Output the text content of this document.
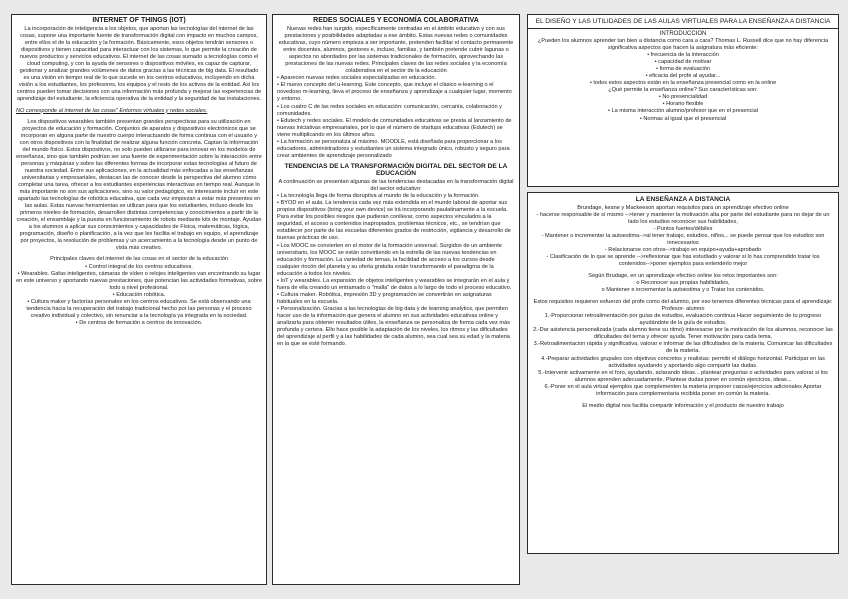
INTERNET OF THINGS (IOT)

La incorporación de inteligencia a los objetos, que aportan las tecnologías del internet de las cosas, supone una importante fuente de transformación digital con impacto en muchos campos, entre ellos el de la educación y la formación. Básicamente, esos objetos tendrán sensores o dispositivos y tienen capacidad para interactuar con los sistemas, lo que permite la creación de nuevos productos y servicios educativos. El internet de las cosas sumado a tecnologías como el cloud computing, y con la ayuda de sensores o dispositivos móviles, es capaz de capturar, gestionar y analizar grandes volúmenes de datos gracias a las técnicas de big data. El resultado es una visión en tiempo real de lo que sucede en los centros educativos, incluyendo en dicha visión a los estudiantes, los profesores, los equipos y el resto de los activos de la entidad. Así los centros pueden tomar decisiones con una información más profunda y mejorar las experiencias de aprendizaje del estudiante, la eficiencia operativa de la entidad y la seguridad de las instalaciones.

NO corresponde al internet de las cosas" Entornos virtuales y redes sociales.

Los dispositivos wearables también presentan grandes perspectivas para su utilización en proyectos de educación y formación. Conjuntos de aparatos y dispositivos electrónicos que se incorporan en alguna parte de nuestro cuerpo interactuando de forma continua con el usuario y con otros dispositivos con la finalidad de realizar alguna función concreta. Captan la información del mundo físico. Estos dispositivos, no solo pueden utilizarse para innovar en los modelos de enseñanza, sino que también podrían ser una fuente de experimentación sobre la interacción entre personas y máquinas y sobre las diferentes formas de incorporar estas tecnologías al futuro de nuestra sociedad. Entre sus aplicaciones, en la actualidad más enfocadas a las enseñanzas universitarias y empresariales, destacan las de conocer desde la perspectiva del alumno cómo completar una tarea, ofrecer a los estudiantes experiencias interactivas en tiempo real. Aunque lo más importante no son sus aplicaciones, sino su valor pedagógico, es interesante incluir en este apartado las tecnologías de robótica educativa, que cada vez empiezan a estar más presentes en las aulas. Estas nuevas herramientas se utilizan para que los estudiantes, incluso desde los primeros niveles de formación, desarrollen distintas competencias y conocimientos a partir de la creación, el ensamblaje y la puesta en funcionamiento de robots mediante kits de montaje. Ayudan a los alumnos a aplicar sus conocimientos y capacidades de Física, matemáticas, lógica, programación, diseño o planificación, a la vez que les facilita el trabajo en equipo, el aprendizaje por proyectos, la resolución de problemas y un acercamiento a la tecnología desde un punto de vista más creativo.

Principales claves del internet de las cosas en el sector de la educación

• Control integral de los centros educativos.
• Wearables. Gafas inteligentes, cámaras de vídeo o relojes inteligentes van encontrando su lugar en este universo y aportando nuevas prestaciones, que potencian las actividades formativas, sobre todo a nivel profesional.
• Educación robótica.
• Cultura maker y factorías personales en los centros educativos. Se está observando una tendencia hacia la recuperación del trabajo tradicional hecho por las personas y el proceso creativo individual y colectivo, sin renunciar a la tecnología ya integrada en la sociedad.
• De centros de formación a centros de innovación.
REDES SOCIALES Y ECONOMÍA COLABORATIVA

Nuevas redes han surgido, específicamente centradas en el ámbito educativo y con sus prestaciones y posibilidades adaptadas a ese ámbito. Estas nuevas redes o comunidades educativas, cuyo número empieza a ser importante, pretenden facilitar el contacto permanente entre docentes, alumnos, gestores e, incluso, familias, y también pretende cubrir lagunas o aspectos no abordados por las sistemas tradicionales de formación, aprovechando las prestaciones de las nuevas redes. Principales claves de las redes sociales y la economía colaborativa en el sector de la educación

• Aparecen nuevas redes sociales especializadas en educación.
• El nuevo concepto del u-learning. Este concepto, que incluye el clásico e-learning o el novedoso m-learning, lleva el proceso de enseñanza y aprendizaje a cualquier lugar, momento y entorno.
• Los cuatro C de las redes sociales en educación: comunicación, cercanía, colaboración y comunidades.
• Edutech y redes sociales. El modelo de comunidades educativas se presta al lanzamiento de nuevas iniciativas empresariales, por lo que el número de startups educativas (Edutech) se viene multiplicando en los últimos años.
• La formación se personaliza al máximo. MOODLE, está diseñada para proporcionar a los educadores, administradores y estudiantes un sistema integrado único, robusto y seguro para crear ambientes de aprendizaje personalizado
TENDENCIAS DE LA TRANSFORMACIÓN DIGITAL DEL SECTOR DE LA EDUCACIÓN

A continuación se presentan algunas de las tendencias destacadas en la transformación digital del sector educativo:

• La tecnología llega de forma disruptiva al mundo de la educación y la formación.
• BYOD en el aula. La tendencia cada vez más extendida en el mundo laboral de aportar sus propios dispositivos (bring your own device) se irá incorporando paulatinamente a la escuela. Para evitar los posibles riesgos que pudieran conllevar, como aspectos vinculados a la seguridad, el acceso a contenidos inapropiados, problemas técnicos, etc., se tendrían que establecer por parte de las escuelas diferentes grados de restricción, vigilancia y desarrollo de buenas prácticas de uso.
• Los MOOC se convierten en el motor de la formación universal. Surgidos de un ambiente universitario, los MOOC se están convirtiendo en la estrella de las nuevas tendencias en educación y formación. La variedad de temas, la facilidad de acceso a los cursos desde cualquier rincón del planeta y su oferta gratuita están transformando el paradigma de la educación a todos los niveles.
• IoT y wearables. La expansión de objetos inteligentes y wearables se integrarán en el aula y fuera de ella creando un entramado o "malla" de datos a lo largo de todo el proceso educativo.
• Cultura maker. Robótica, impresión 3D y programación se convertirán en asignaturas habituales en la escuela.
• Personalización. Gracias a las tecnologías de big data y de learning analytics, que permiten hacer uso de la información que genera el alumno en sus actividades educativas online y analizarla para obtener resultados útiles, la enseñanza se personaliza de forma cada vez más profunda y certera. Ello hace posible la adaptación de los niveles, los ritmos y las dificultades del aprendizaje al perfil y a las habilidades de cada alumno, sea cual sea su edad y la materia en la que se esté formando.
EL DISEÑO Y LAS UTILIDADES DE LAS AULAS VIRTUALES PARA LA ENSEÑANZA A DISTANCIA
INTRODUCCION

¿Pueden los alumnos aprender tan bien a distancia como cara a cara? Thomas L. Russell dice que no hay diferencia significativa aspectos que hacen la asignatura más eficiente:

• frecuencia de la interacción
• capacidad de motivar
• forma de evaluación
• eficacia del profe al ayudar...
• todos estos aspectos están en la enseñanza presencial como en la online

¿Qué permite la enseñanza online? Sus características son:

• No presencialidad
• Horario flexible
• La misma interacción alumno/profesor que en el presencial
• Normas al igual que el presencial
LA ENSEÑANZA A DISTANCIA
Brundage, keane y Mackeeson aportan requisitos para un aprendizaje efectivo online
- hacerse responsable de sí mismo -->tener y mantener la motivación alta por parte del estudiante para no dejar de un lado los estudios reconocer sus habilidades,
- Puntos fuertes/débiles
- Mantener o incrementar la autoestima-->al tener trabajo, estudios, niños,.. se puede pensar que los estudios son innecesarios
- Relacionarse con otros-->trabajo en equipo+ayuda+aprobado
- Clasificación de lo que se aprende -->reflexionar que has estudiado y valorar si lo has comprendido tratar los contenidos-->poner ejemplos para entenderlo mejor
Según Brudage, en un aprendizaje efectivo online los retos importantes son:
o Reconocer sus propias habilidades,
o Mantener e incrementar la autoestima y o Tratar los contenidos.
Estos requisitos requieren esfuerzo del profe como del alumno, por eso tenemos diferentes técnicas para el aprendizaje:
Profesor- alumno
1.-Proporcionar retroalimentación por guías de estudios, evaluación continua Hacer seguimiento de tu progreso ayudándote de la guía de estudios.
2.-Dar asistencia personalizada (cada alumno tiene su ritmo) interesarse por la motivación de los alumnos, reconocer las dificultades del tema y ofrecer ayuda. Tener motivación para cada tema.
3.-Retroalimentacion rápida y significativa, valorar e informar de las dificultades de la materia. Comunicar las dificultades de la materia.
4.-Preparar actividades grupales con objetivos concretos y realistas: permitir el diálogo horizontal. Participar en las actividades ayudando y aportando algo compartir las dudas.
5.-Intervenir activamente en el foro, ayudando, aclarando ideas... plantear preguntas o actividades para valorar si los alumnos aprenden adecuadamente. Plantear dudas poner en común ejercicios, ideas...
6.-Poner en el aula virtual ejemplos que complementen la materia proponer casos/ejercicios adicionales Aportar información para complementaria recibida poner en común la materia.
El medio digital nos facilita compartir información y el producto de nuestro trabajo
